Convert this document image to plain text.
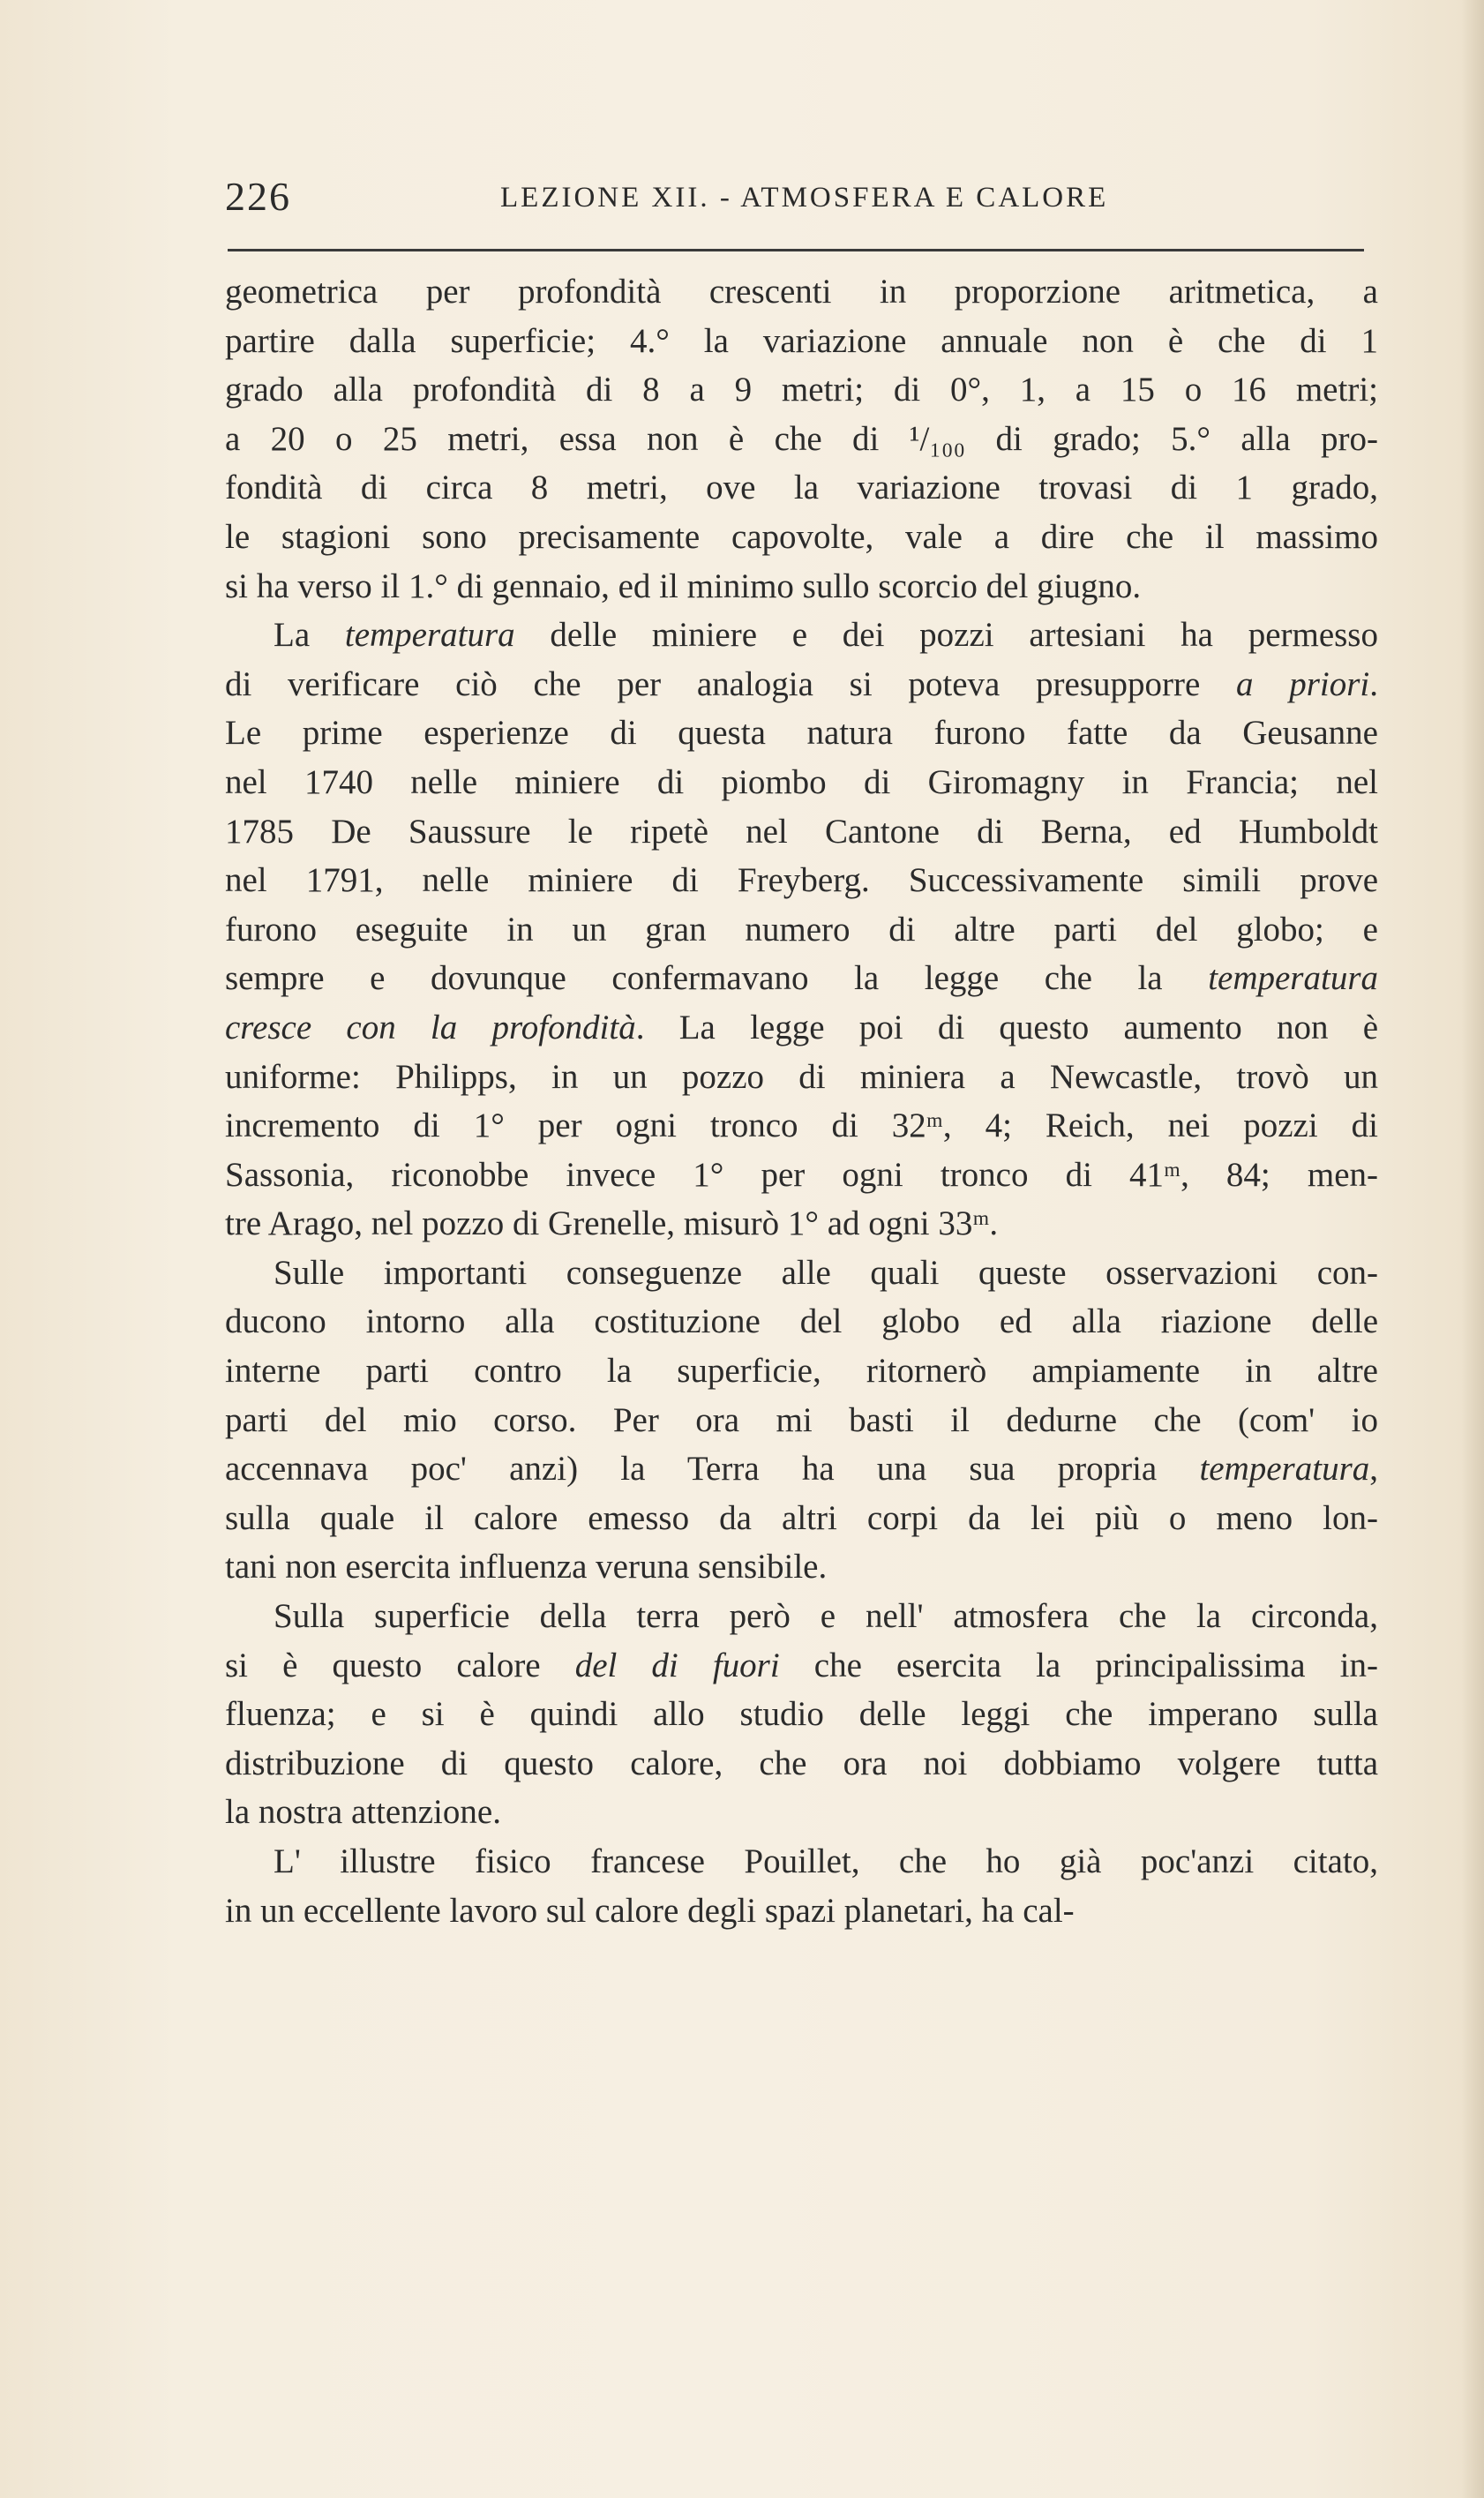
226	LEZIONE XII. - ATMOSFERA E CALORE

geometrica per profondità crescenti in proporzione aritmetica, a
partire dalla superficie; 4.° la variazione annuale non è che di 1
grado alla profondità di 8 a 9 metri; di 0°, 1, a 15 o 16 metri;
a 20 o 25 metri, essa non è che di ¹/₁₀₀ di grado; 5.° alla pro-
fondità di circa 8 metri, ove la variazione trovasi di 1 grado,
le stagioni sono precisamente capovolte, vale a dire che il massimo
si ha verso il 1.° di gennaio, ed il minimo sullo scorcio del giugno.

La temperatura delle miniere e dei pozzi artesiani ha permesso
di verificare ciò che per analogia si poteva presupporre a priori.
Le prime esperienze di questa natura furono fatte da Geusanne
nel 1740 nelle miniere di piombo di Giromagny in Francia; nel
1785 De Saussure le ripetè nel Cantone di Berna, ed Humboldt
nel 1791, nelle miniere di Freyberg. Successivamente simili prove
furono eseguite in un gran numero di altre parti del globo; e
sempre e dovunque confermavano la legge che la temperatura
cresce con la profondità. La legge poi di questo aumento non è
uniforme: Philipps, in un pozzo di miniera a Newcastle, trovò un
incremento di 1° per ogni tronco di 32ᵐ, 4; Reich, nei pozzi di
Sassonia, riconobbe invece 1° per ogni tronco di 41ᵐ, 84; men-
tre Arago, nel pozzo di Grenelle, misurò 1° ad ogni 33ᵐ.

Sulle importanti conseguenze alle quali queste osservazioni con-
ducono intorno alla costituzione del globo ed alla riazione delle
interne parti contro la superficie, ritornerò ampiamente in altre
parti del mio corso. Per ora mi basti il dedurne che (com' io
accennava poc' anzi) la Terra ha una sua propria temperatura,
sulla quale il calore emesso da altri corpi da lei più o meno lon-
tani non esercita influenza veruna sensibile.

Sulla superficie della terra però e nell' atmosfera che la circonda,
si è questo calore del di fuori che esercita la principalissima in-
fluenza; e si è quindi allo studio delle leggi che imperano sulla
distribuzione di questo calore, che ora noi dobbiamo volgere tutta
la nostra attenzione.

L' illustre fisico francese Pouillet, che ho già poc'anzi citato,
in un eccellente lavoro sul calore degli spazi planetari, ha cal-
